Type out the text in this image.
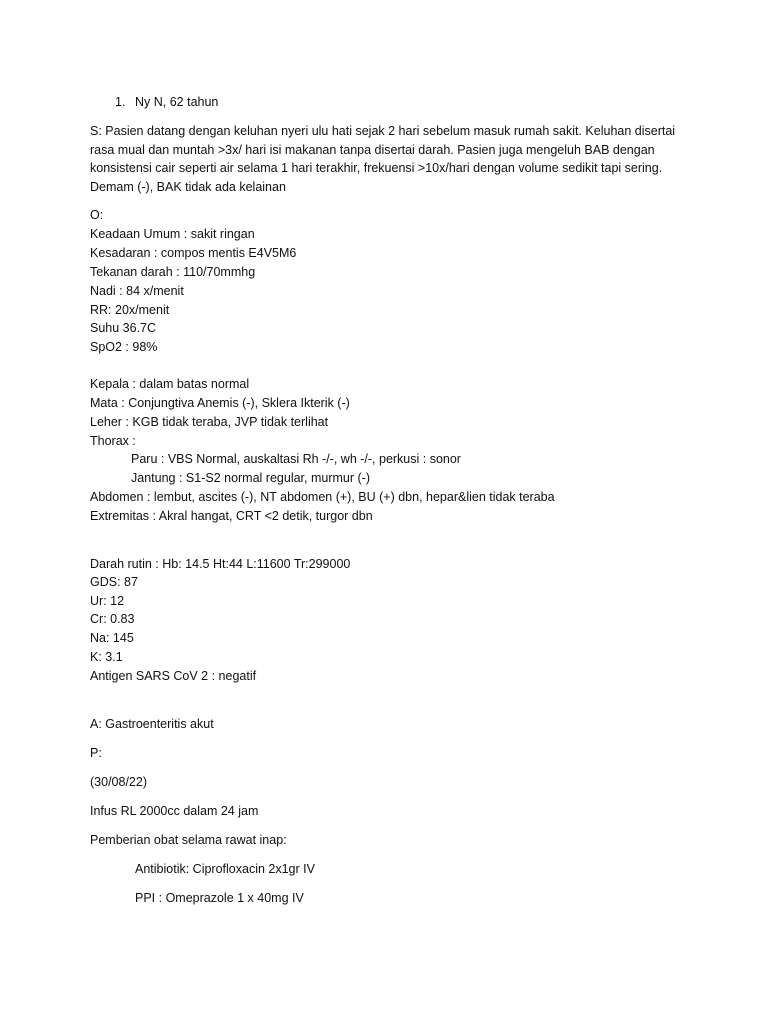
1. Ny N, 62 tahun
S: Pasien datang dengan keluhan nyeri ulu hati sejak 2 hari sebelum masuk rumah sakit. Keluhan disertai
rasa mual dan muntah >3x/ hari isi makanan tanpa disertai darah. Pasien juga mengeluh BAB dengan
konsistensi cair seperti air selama 1 hari terakhir, frekuensi >10x/hari dengan volume sedikit tapi sering.
Demam (-), BAK tidak ada kelainan
O:
Keadaan Umum : sakit ringan
Kesadaran : compos mentis E4V5M6
Tekanan darah : 110/70mmhg
Nadi : 84 x/menit
RR: 20x/menit
Suhu 36.7C
SpO2 : 98%
Kepala : dalam batas normal
Mata : Conjungtiva Anemis (-), Sklera Ikterik (-)
Leher : KGB tidak teraba, JVP tidak terlihat
Thorax :
Paru : VBS Normal, auskaltasi Rh -/-, wh -/-, perkusi : sonor
Jantung : S1-S2 normal regular, murmur (-)
Abdomen : lembut, ascites (-), NT abdomen (+), BU (+) dbn, hepar&lien tidak teraba
Extremitas : Akral hangat, CRT <2 detik, turgor dbn
Darah rutin : Hb: 14.5 Ht:44 L:11600 Tr:299000
GDS: 87
Ur: 12
Cr: 0.83
Na: 145
K: 3.1
Antigen SARS CoV 2 : negatif
A: Gastroenteritis akut
P:
(30/08/22)
Infus RL 2000cc dalam 24 jam
Pemberian obat selama rawat inap:
Antibiotik: Ciprofloxacin 2x1gr IV
PPI : Omeprazole 1 x 40mg IV
